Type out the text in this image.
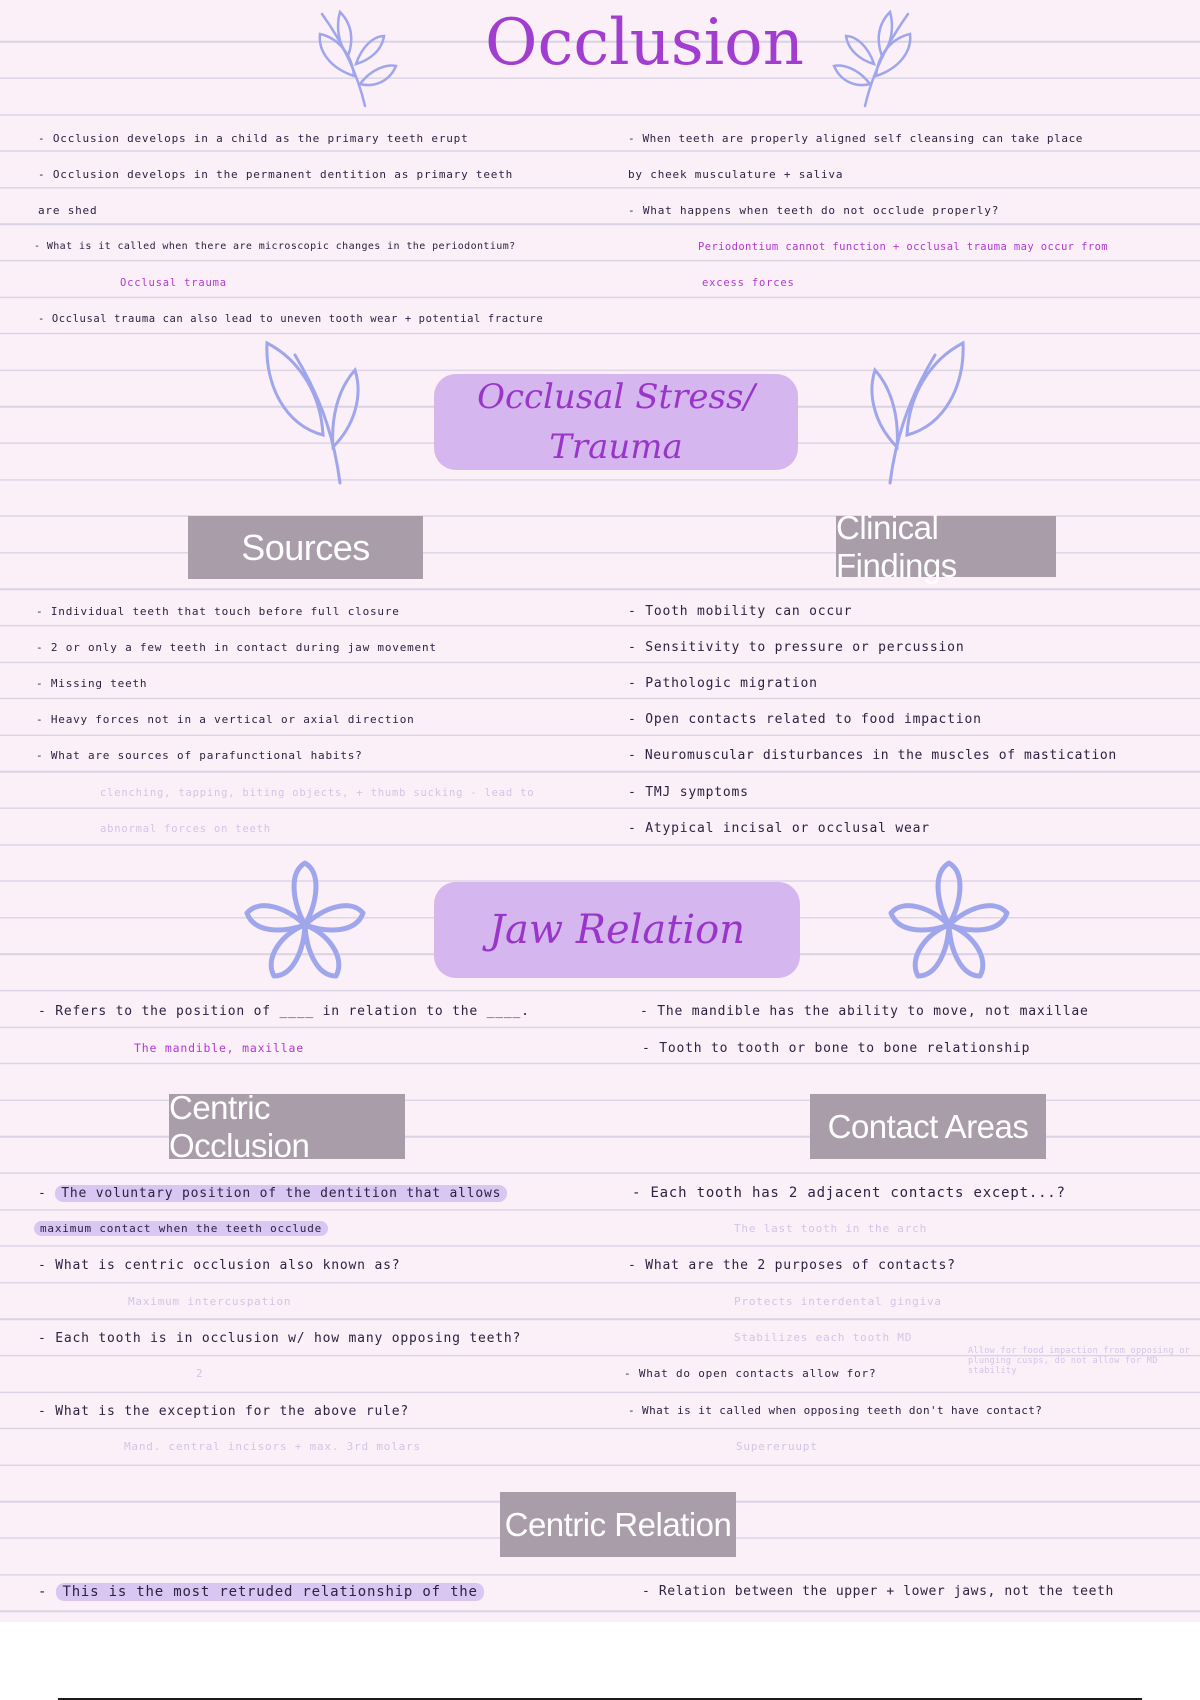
Occlusion
- Occlusion develops in a child as the primary teeth erupt
- Occlusion develops in the permanent dentition as primary teeth
are shed
- What is it called when there are microscopic changes in the periodontium?
Occlusal trauma
- Occlusal trauma can also lead to uneven tooth wear + potential fracture
- When teeth are properly aligned self cleansing can take place
by cheek musculature + saliva
- What happens when teeth do not occlude properly?
Periodontium cannot function + occlusal trauma may occur from
excess forces
Occlusal Stress/
Trauma
Sources	Clinical Findings
- Individual teeth that touch before full closure
- 2 or only a few teeth in contact during jaw movement
- Missing teeth
- Heavy forces not in a vertical or axial direction
- What are sources of parafunctional habits?
clenching, tapping, biting objects, + thumb sucking - lead to
abnormal forces on teeth
- Tooth mobility can occur
- Sensitivity to pressure or percussion
- Pathologic migration
- Open contacts related to food impaction
- Neuromuscular disturbances in the muscles of mastication
- TMJ symptoms
- Atypical incisal or occlusal wear
Jaw Relation
- Refers to the position of ____ in relation to the ____.
The mandible, maxillae
- The mandible has the ability to move, not maxillae
- Tooth to tooth or bone to bone relationship
Centric Occlusion
Contact Areas
- The voluntary position of the dentition that allows
maximum contact when the teeth occlude
- What is centric occlusion also known as?
Maximum intercuspation
- Each tooth is in occlusion w/ how many opposing teeth?
2
- What is the exception for the above rule?
Mand. central incisors + max. 3rd molars
- Each tooth has 2 adjacent contacts except...?
The last tooth in the arch
- What are the 2 purposes of contacts?
Protects interdental gingiva
Stabilizes each tooth MD
- What do open contacts allow for?
Allow for food impaction from opposing or plunging cusps, do not allow for MD stability
- What is it called when opposing teeth don't have contact?
Supereruupt
Centric Relation
- This is the most retruded relationship of the	- Relation between the upper + lower jaws, not the teeth
